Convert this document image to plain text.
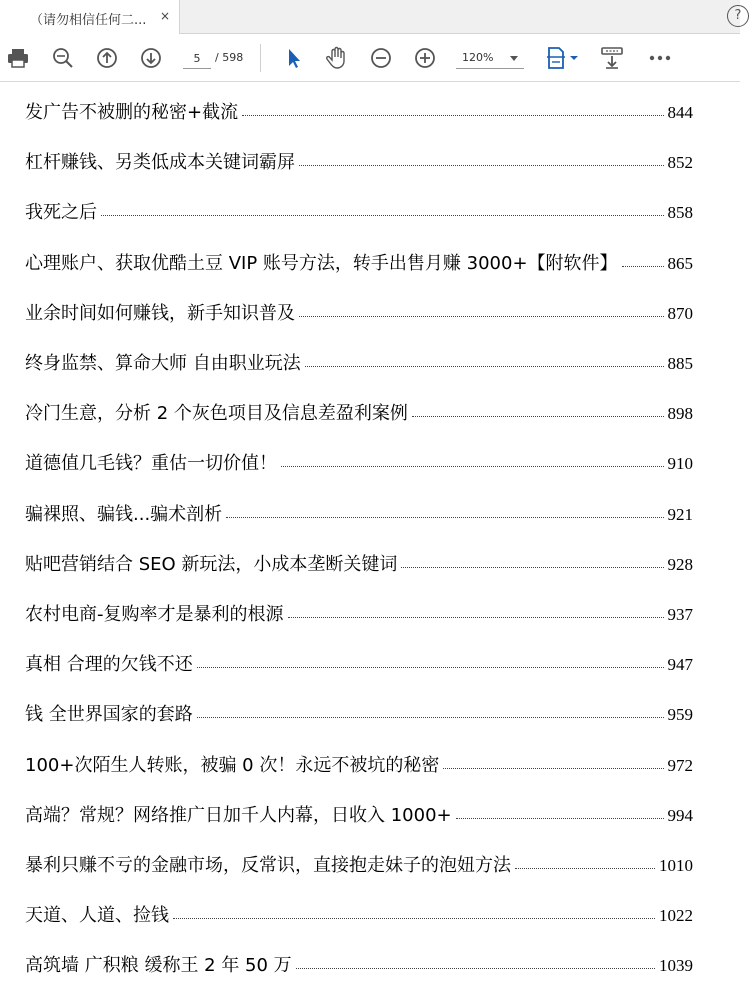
（请勿相信任何二... ×	?
5
/ 598	120%
发广告不被删的秘密+截流	844
杠杆赚钱、另类低成本关键词霸屏	852
我死之后	858
心理账户、获取优酷土豆 VIP 账号方法，转手出售月赚 3000+【附软件】	865
业余时间如何赚钱，新手知识普及	870
终身监禁、算命大师 自由职业玩法	885
冷门生意，分析 2 个灰色项目及信息差盈利案例	898
道德值几毛钱？重估一切价值！	910
骗裸照、骗钱...骗术剖析	921
贴吧营销结合 SEO 新玩法，小成本垄断关键词	928
农村电商-复购率才是暴利的根源	937
真相 合理的欠钱不还	947
钱 全世界国家的套路	959
100+次陌生人转账，被骗 0 次！永远不被坑的秘密	972
高端？常规？网络推广日加千人内幕，日收入 1000+	994
暴利只赚不亏的金融市场，反常识，直接抱走妹子的泡妞方法	1010
天道、人道、捡钱	1022
高筑墙 广积粮 缓称王 2 年 50 万	1039
